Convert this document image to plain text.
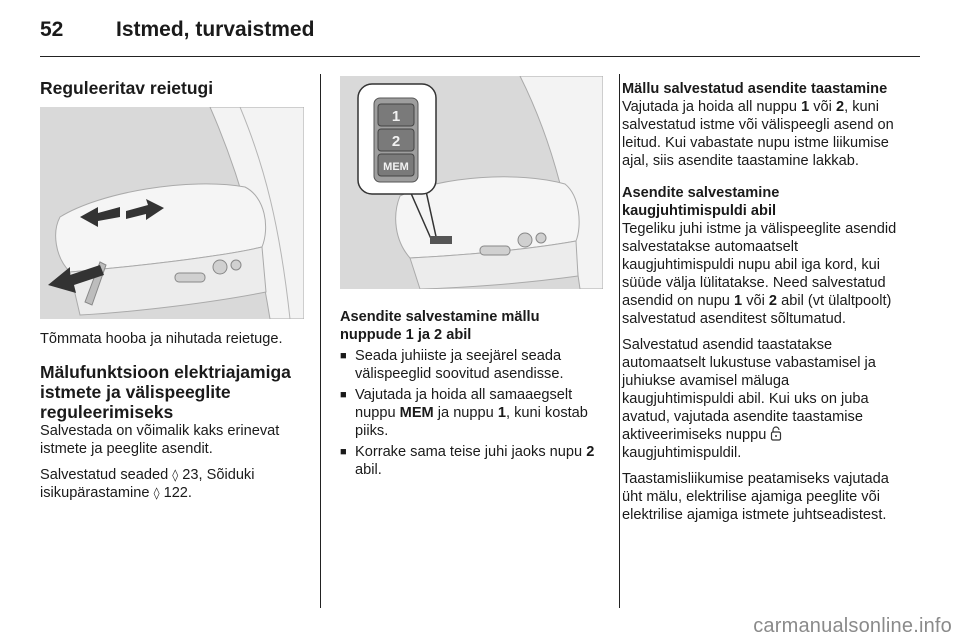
52	Istmed, turvaistmed
1
2
MEM
Reguleeritav reietugi

Tõmmata hooba ja nihutada reietuge.

Mälufunktsioon elektriajamiga istmete ja välispeeglite reguleerimiseks

Salvestada on võimalik kaks erinevat istmete ja peeglite asendit.

Salvestatud seaded ◊ 23, Sõiduki isikupärastamine ◊ 122.

Asendite salvestamine mällu nuppude 1 ja 2 abil
■ Seada juhiiste ja seejärel seada välispeeglid soovitud asendisse.
■ Vajutada ja hoida all samaaegselt nuppu MEM ja nuppu 1, kuni kostab piiks.
■ Korrake sama teise juhi jaoks nupu 2 abil.
Mällu salvestatud asendite taastamine

Vajutada ja hoida all nuppu 1 või 2, kuni salvestatud istme või välispeegli asend on leitud. Kui vabastate nupu istme liikumise ajal, siis asendite taastamine lakkab.

Asendite salvestamine kaugjuhtimispuldi abil

Tegeliku juhi istme ja välispeeglite asendid salvestatakse automaatselt kaugjuhtimispuldi nupu abil iga kord, kui süüde välja lülitatakse. Need salvestatud asendid on nupu 1 või 2 abil (vt ülaltpoolt) salvestatud asenditest sõltumatud.

Salvestatud asendid taastatakse automaatselt lukustuse vabastamisel ja juhiukse avamisel mäluga kaugjuhtimispuldi abil. Kui uks on juba avatud, vajutada asendite taastamise aktiveerimiseks nuppu  kaugjuhtimispuldil.

Taastamisliikumise peatamiseks vajutada üht mälu, elektrilise ajamiga peeglite või elektrilise ajamiga istmete juhtseadistest.

carmanualsonline.info
